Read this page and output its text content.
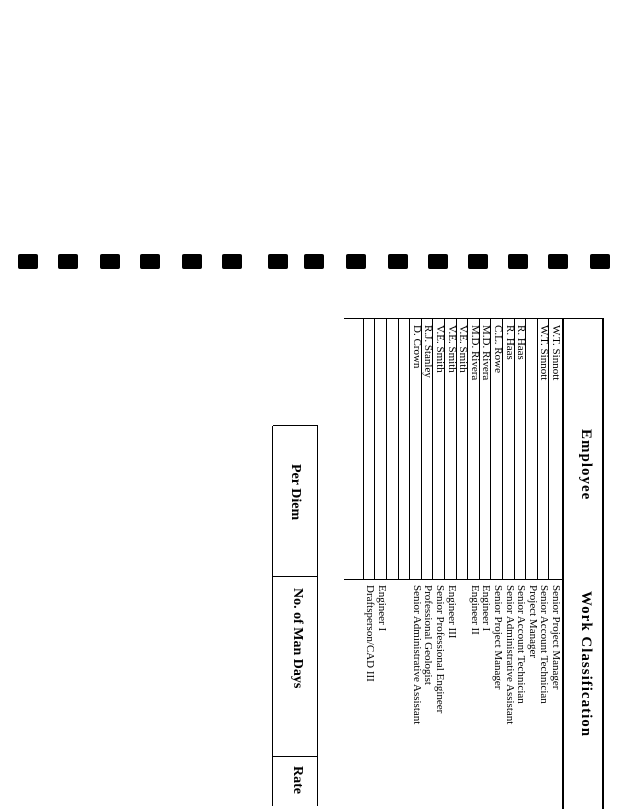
Employee
Work Classification
W.T. Sinnott
Senior Project Manager
W.T. Sinnott
Senior Account Technician
Project Manager
R. Haas
Senior Account Technician
R. Haas
Senior Administrative Assistant
C.L. Rowe
Senior Project Manager
M.D. Rivera
Engineer I
M.D. Rivera
Engineer II
V.E. Smith
V.E. Smith
Engineer III
V.E. Smith
Senior Professional Engineer
R.J. Stanley
Professional Geologist
D. Crown
Senior Administrative Assistant
Engineer I
Draftsperson/CAD III
Per Diem
No. of Man Days
Rate
